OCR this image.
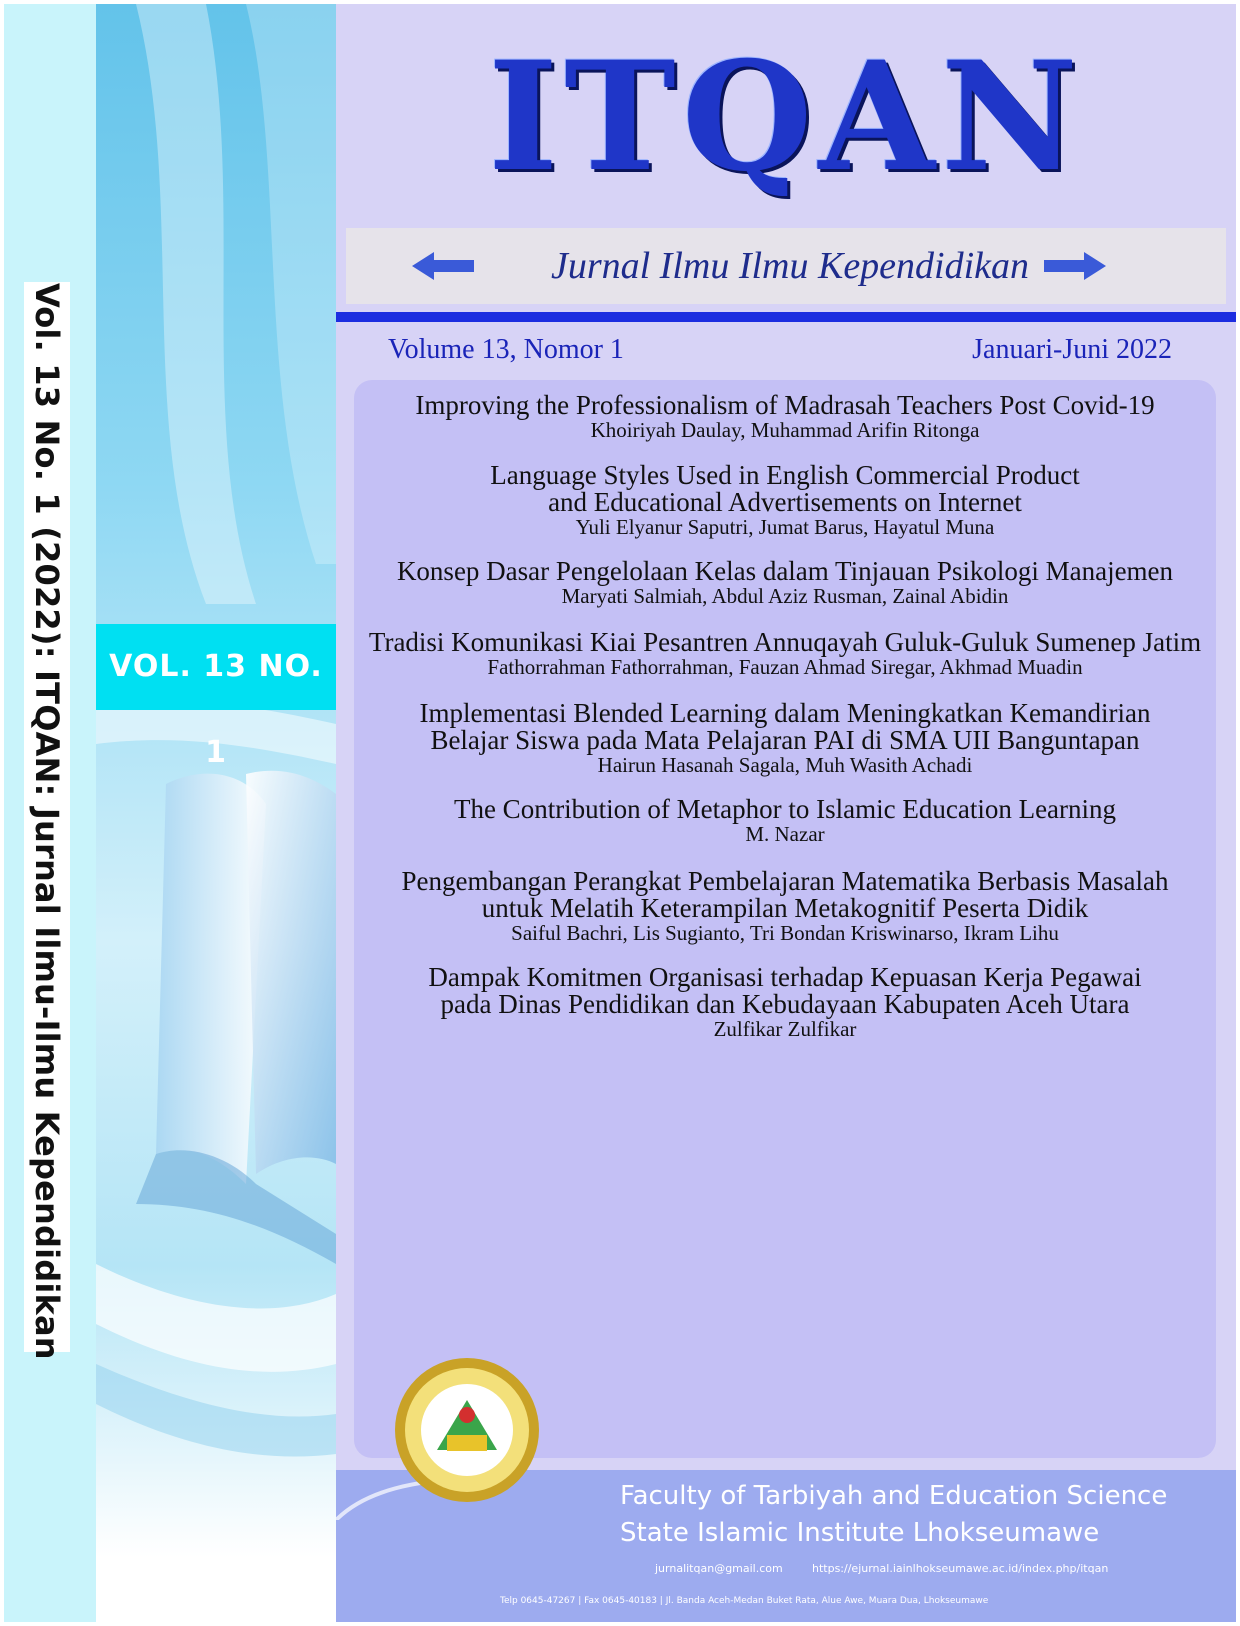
Vol. 13 No. 1 (2022): ITQAN: Jurnal Ilmu-Ilmu Kependidikan	VOL. 13 NO. 1
ITQAN
Jurnal Ilmu Ilmu Kependidikan
Volume 13, Nomor 1	Januari-Juni 2022
Improving the Professionalism of Madrasah Teachers Post Covid-19
Khoiriyah Daulay, Muhammad Arifin Ritonga
Language Styles Used in English Commercial Product
and Educational Advertisements on Internet
Yuli Elyanur Saputri, Jumat Barus, Hayatul Muna
Konsep Dasar Pengelolaan Kelas dalam Tinjauan Psikologi Manajemen
Maryati Salmiah, Abdul Aziz Rusman, Zainal Abidin
Tradisi Komunikasi Kiai Pesantren Annuqayah Guluk-Guluk Sumenep Jatim
Fathorrahman Fathorrahman, Fauzan Ahmad Siregar, Akhmad Muadin
Implementasi Blended Learning dalam Meningkatkan Kemandirian
Belajar Siswa pada Mata Pelajaran PAI di SMA UII Banguntapan
Hairun Hasanah Sagala, Muh Wasith Achadi
The Contribution of Metaphor to Islamic Education Learning
M. Nazar
Pengembangan Perangkat Pembelajaran Matematika Berbasis Masalah
untuk Melatih Keterampilan Metakognitif Peserta Didik
Saiful Bachri, Lis Sugianto, Tri Bondan Kriswinarso, Ikram Lihu
Dampak Komitmen Organisasi terhadap Kepuasan Kerja Pegawai
pada Dinas Pendidikan dan Kebudayaan Kabupaten Aceh Utara
Zulfikar Zulfikar
Faculty of Tarbiyah and Education Science
State Islamic Institute Lhokseumawe
jurnalitqan@gmail.com	https://ejurnal.iainlhokseumawe.ac.id/index.php/itqan
Telp 0645-47267 | Fax 0645-40183 | Jl. Banda Aceh-Medan Buket Rata, Alue Awe, Muara Dua, Lhokseumawe
